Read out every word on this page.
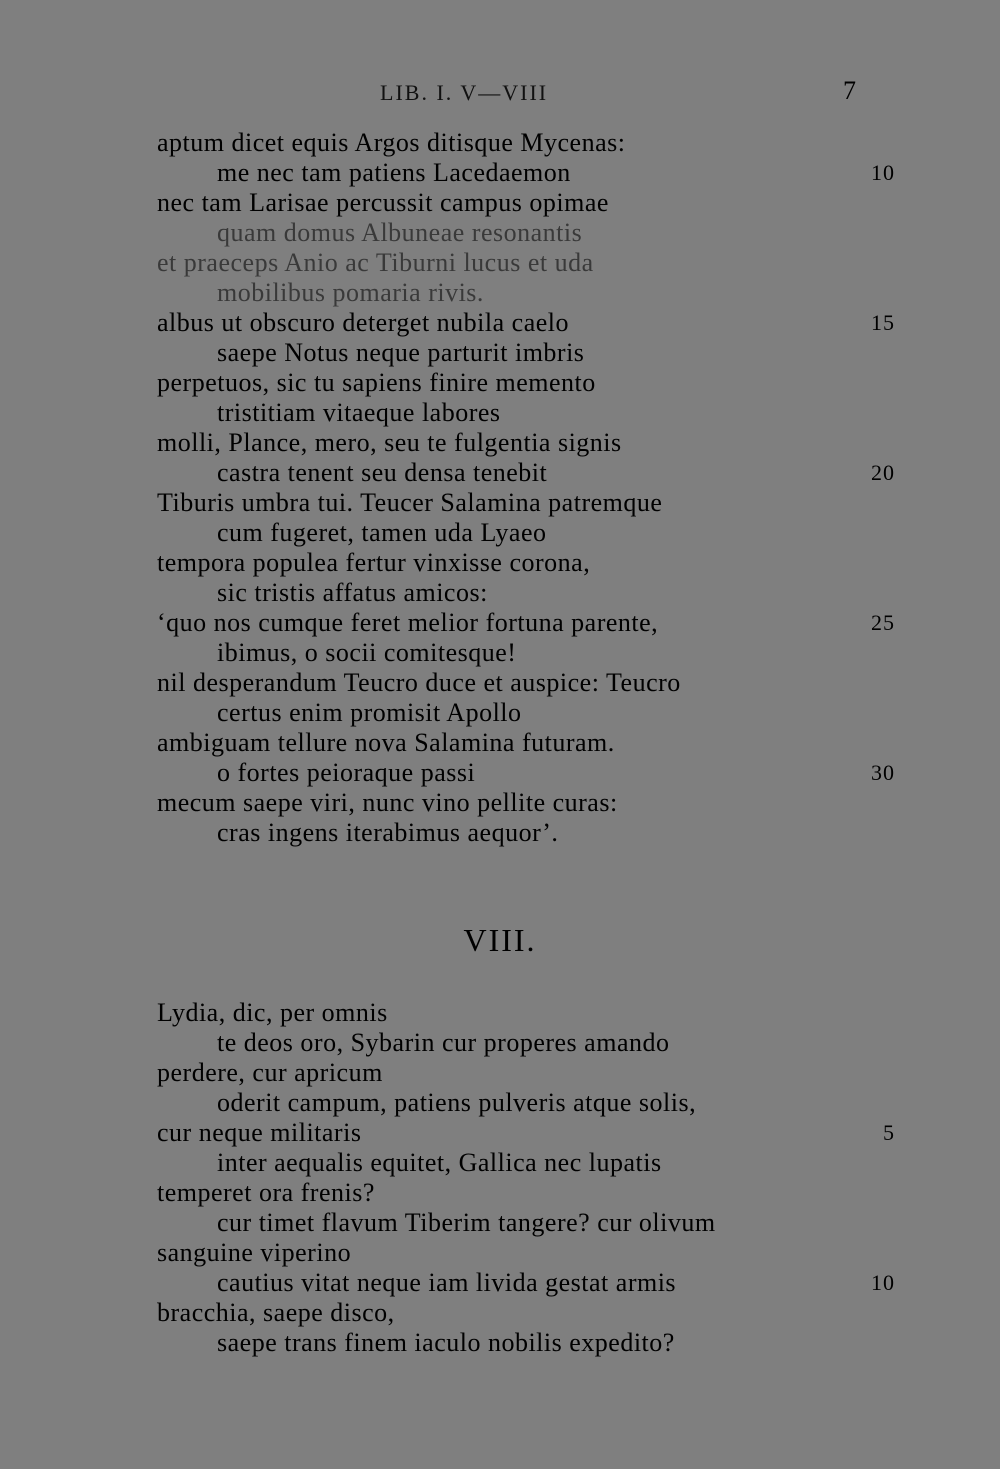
LIB. I. V—VIII	7
aptum dicet equis Argos ditisque Mycenas:
me nec tam patiens Lacedaemon	10
nec tam Larisae percussit campus opimae
quam domus Albuneae resonantis
et praeceps Anio ac Tiburni lucus et uda
mobilibus pomaria rivis.
albus ut obscuro deterget nubila caelo	15
saepe Notus neque parturit imbris
perpetuos, sic tu sapiens finire memento
tristitiam vitaeque labores
molli, Plance, mero, seu te fulgentia signis
castra tenent seu densa tenebit	20
Tiburis umbra tui. Teucer Salamina patremque
cum fugeret, tamen uda Lyaeo
tempora populea fertur vinxisse corona,
sic tristis affatus amicos:
‘quo nos cumque feret melior fortuna parente,	25
ibimus, o socii comitesque!
nil desperandum Teucro duce et auspice: Teucro
certus enim promisit Apollo
ambiguam tellure nova Salamina futuram.
o fortes peioraque passi	30
mecum saepe viri, nunc vino pellite curas:
cras ingens iterabimus aequor’.
VIII.
Lydia, dic, per omnis
te deos oro, Sybarin cur properes amando
perdere, cur apricum
oderit campum, patiens pulveris atque solis,
cur neque militaris	5
inter aequalis equitet, Gallica nec lupatis
temperet ora frenis?
cur timet flavum Tiberim tangere? cur olivum
sanguine viperino
cautius vitat neque iam livida gestat armis	10
bracchia, saepe disco,
saepe trans finem iaculo nobilis expedito?
